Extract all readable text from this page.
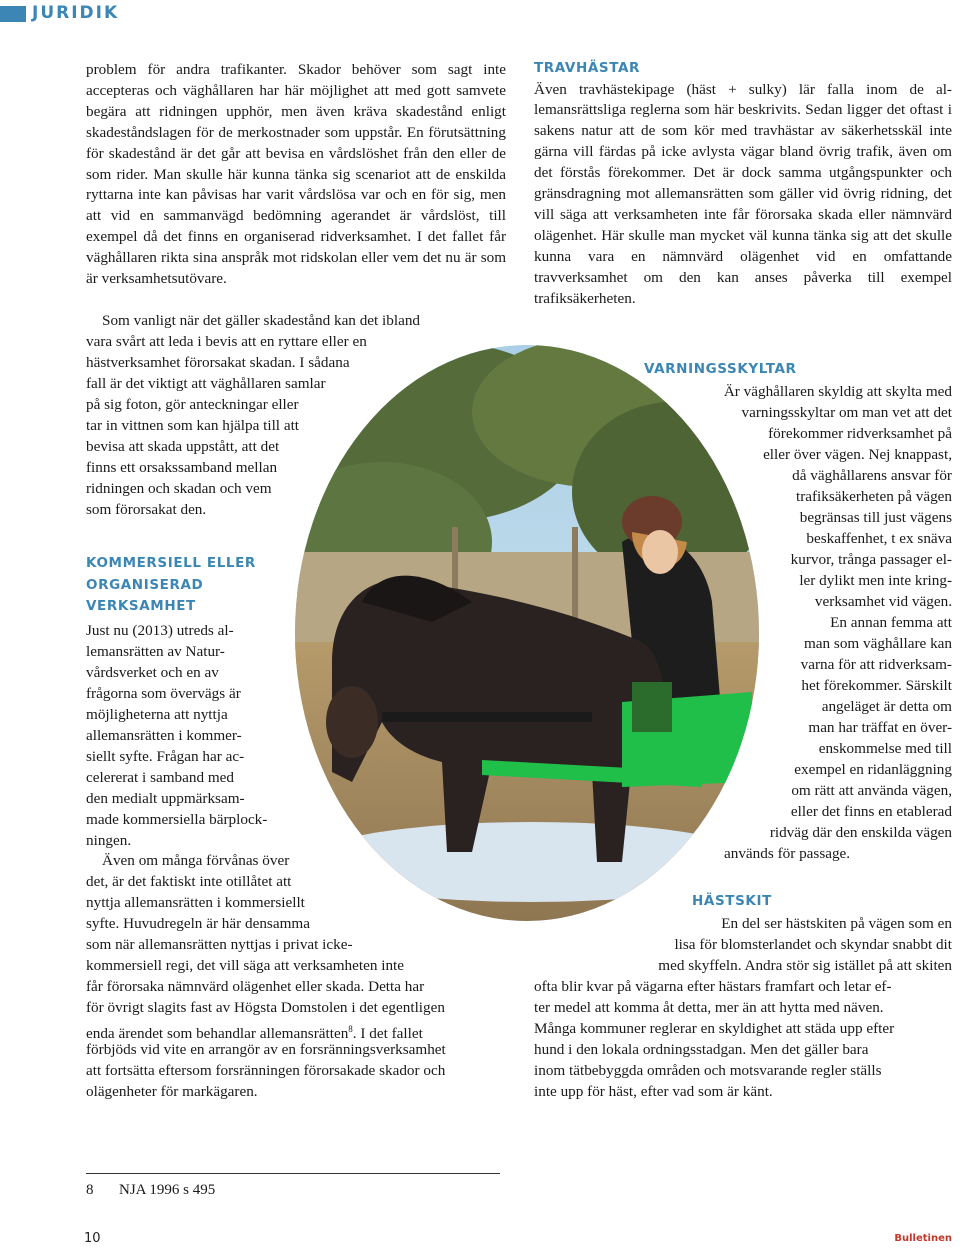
JURIDIK

problem för andra trafikanter. Skador behöver som sagt inte accepteras och väghållaren har här möjlighet att med gott samvete begära att ridningen upphör, men även kräva skadestånd enligt skadeståndslagen för de merkostnader som uppstår. En förutsättning för skadestånd är det går att bevisa en vårdslöshet från den eller de som rider. Man skulle här kunna tänka sig scenariot att de enskilda ryttarna inte kan påvisas har varit vårdslösa var och en för sig, men att vid en sammanvägd bedömning agerandet är vårdslöst, till exempel då det finns en organiserad ridverksamhet. I det fallet får väghållaren rikta sina anspråk mot ridskolan eller vem det nu är som är verksamhetsutövare.

Som vanligt när det gäller skadestånd kan det ibland
vara svårt att leda i bevis att en ryttare eller en
hästverksamhet förorsakat skadan. I sådana
fall är det viktigt att väghållaren samlar
på sig foton, gör anteckningar eller
tar in vittnen som kan hjälpa till att
bevisa att skada uppstått, att det
finns ett orsakssamband mellan
ridningen och skadan och vem
som förorsakat den.

KOMMERSIELL ELLER

ORGANISERAD

VERKSAMHET

Just nu (2013) utreds al-
lemansrätten av Natur-
vårdsverket och en av
frågorna som övervägs är
möjligheterna att nyttja
allemansrätten i kommer-
siellt syfte. Frågan har ac-
celererat i samband med
den medialt uppmärksam-
made kommersiella bärplock-
ningen.
Även om många förvånas över
det, är det faktiskt inte otillåtet att
nyttja allemansrätten i kommersiellt
syfte. Huvudregeln är här densamma
som när allemansrätten nyttjas i privat icke-
kommersiell regi, det vill säga att verksamheten inte
får förorsaka nämnvärd olägenhet eller skada. Detta har
för övrigt slagits fast av Högsta Domstolen i det egentligen
enda ärendet som behandlar allemansrätten$^8$. I det fallet
förbjöds vid vite en arrangör av en forsränningsverksamhet
att fortsätta eftersom forsränningen förorsakade skador och
olägenheter för markägaren.

TRAVHÄSTAR

Även travhästekipage (häst + sulky) lär falla inom de al- lemansrättsliga reglerna som här beskrivits. Sedan ligger det oftast i sakens natur att de som kör med travhästar av säkerhetsskäl inte gärna vill färdas på icke avlysta vägar bland övrig trafik, även om det förstås förekommer. Det är dock samma utgångspunkter och gränsdragning mot allemansrätten som gäller vid övrig ridning, det vill säga att verksamheten inte får förorsaka skada eller nämnvärd olägenhet. Här skulle man mycket väl kunna tänka sig att det skulle kunna vara en nämnvärd olägenhet vid en omfattande travverksamhet om den kan anses påverka till exempel trafiksäkerheten.

VARNINGSSKYLTAR

Är väghållaren skyldig att skylta med
varningsskyltar om man vet att det
förekommer ridverksamhet på
eller över vägen. Nej knappast,
då väghållarens ansvar för
trafiksäkerheten på vägen
begränsas till just vägens
beskaffenhet, t ex snäva
kurvor, trånga passager el-
ler dylikt men inte kring-
verksamhet vid vägen.
En annan femma att
man som väghållare kan
varna för att ridverksam-
het förekommer. Särskilt
angeläget är detta om
man har träffat en över-
enskommelse med till
exempel en ridanläggning
om rätt att använda vägen,
eller det finns en etablerad
ridväg där den enskilda vägen
används för passage.

HÄSTSKIT

En del ser hästskiten på vägen som en
lisa för blomsterlandet och skyndar snabbt dit
med skyffeln. Andra stör sig istället på att skiten
ofta blir kvar på vägarna efter hästars framfart och letar ef-
ter medel att komma åt detta, mer än att hytta med näven.
Många kommuner reglerar en skyldighet att städa upp efter
hund i den lokala ordningsstadgan. Men det gäller bara
inom tätbebyggda områden och motsvarande regler ställs
inte upp för häst, efter vad som är känt.
8 NJA 1996 s 495
10	Bulletinen
